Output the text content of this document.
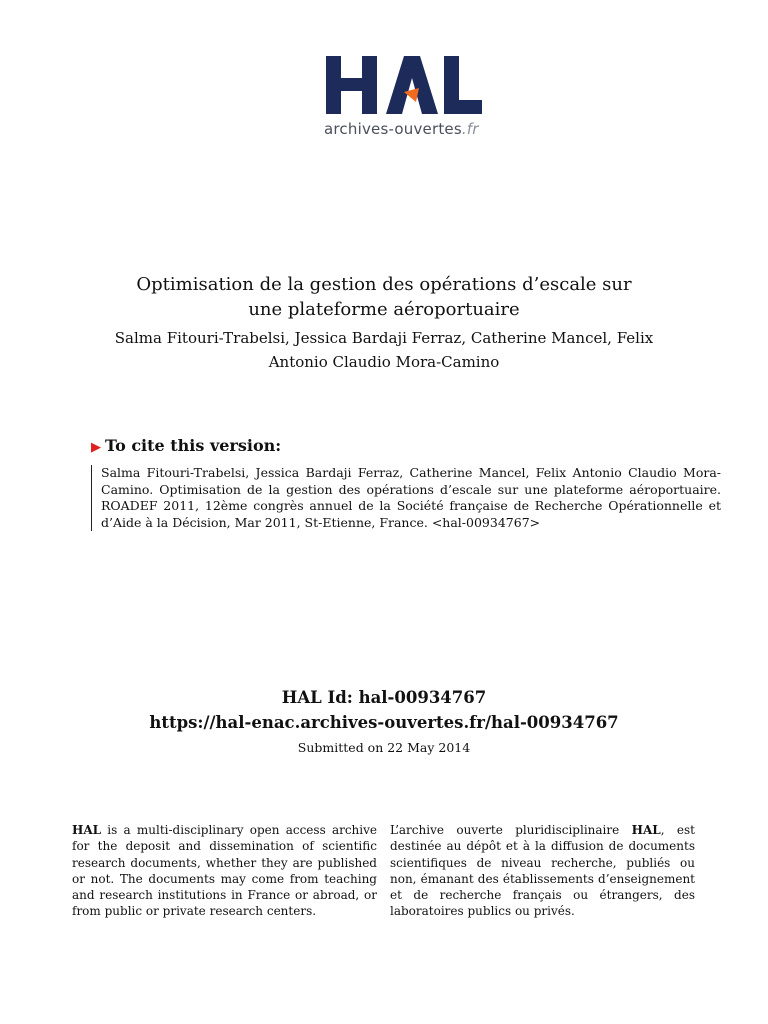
archives-ouvertes.fr
Optimisation de la gestion des opérations d’escale sur
une plateforme aéroportuaire
Salma Fitouri-Trabelsi, Jessica Bardaji Ferraz, Catherine Mancel, Felix
Antonio Claudio Mora-Camino
▶ To cite this version:
Salma Fitouri-Trabelsi, Jessica Bardaji Ferraz, Catherine Mancel, Felix Antonio Claudio Mora-Camino. Optimisation de la gestion des opérations d’escale sur une plateforme aéroportuaire. ROADEF 2011, 12ème congrès annuel de la Société française de Recherche Opérationnelle et d’Aide à la Décision, Mar 2011, St-Etienne, France. <hal-00934767>
HAL Id: hal-00934767
https://hal-enac.archives-ouvertes.fr/hal-00934767
Submitted on 22 May 2014
HAL is a multi-disciplinary open access archive for the deposit and dissemination of scientific research documents, whether they are published or not. The documents may come from teaching and research institutions in France or abroad, or from public or private research centers.
L’archive ouverte pluridisciplinaire HAL, est destinée au dépôt et à la diffusion de documents scientifiques de niveau recherche, publiés ou non, émanant des établissements d’enseignement et de recherche français ou étrangers, des laboratoires publics ou privés.
